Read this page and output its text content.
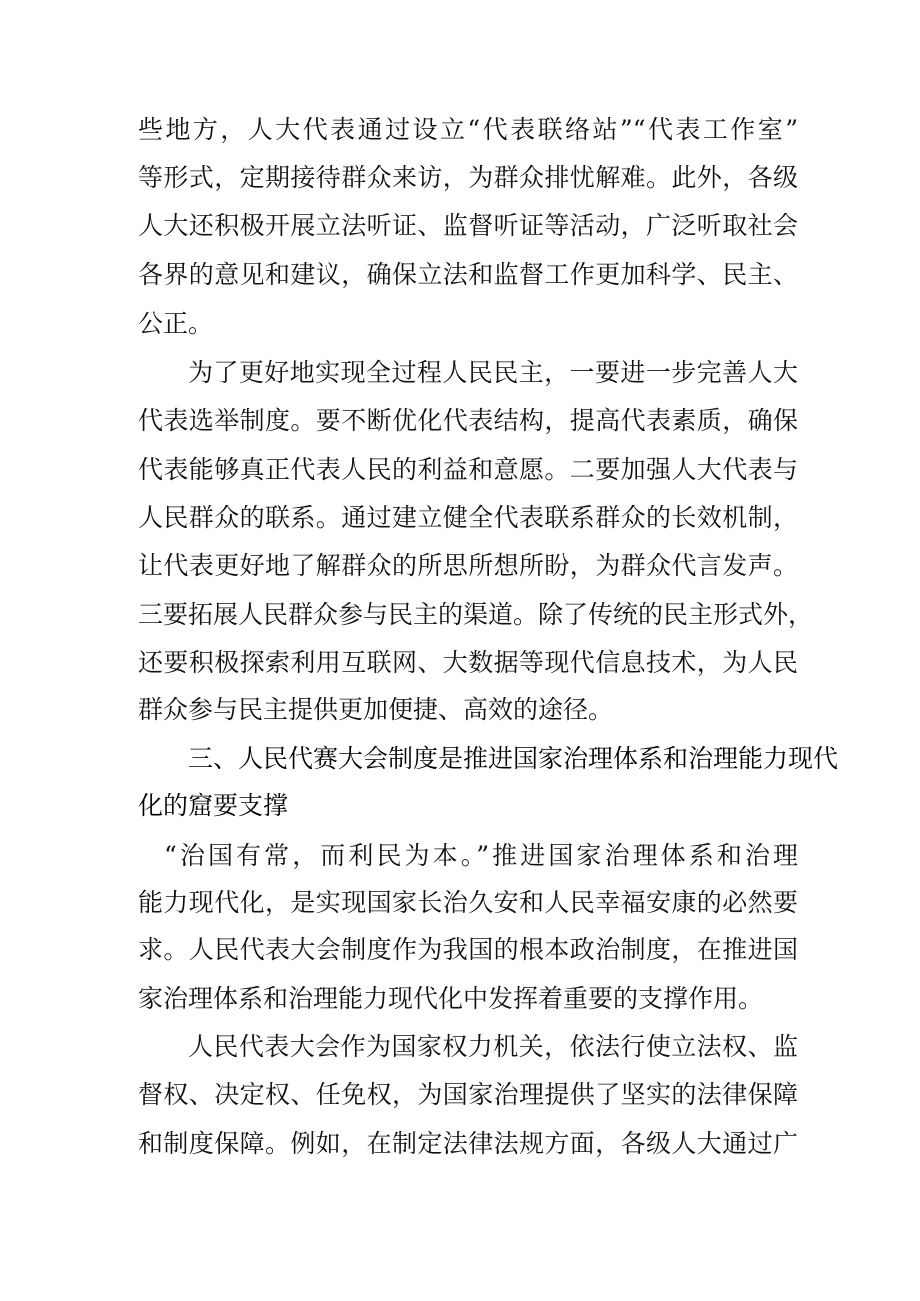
些地方，人大代表通过设立“代表联络站”“代表工作室”
等形式，定期接待群众来访，为群众排忧解难。此外，各级
人大还积极开展立法听证、监督听证等活动，广泛听取社会
各界的意见和建议，确保立法和监督工作更加科学、民主、
公正。
为了更好地实现全过程人民民主，一要进一步完善人大
代表选举制度。要不断优化代表结构，提高代表素质，确保
代表能够真正代表人民的利益和意愿。二要加强人大代表与
人民群众的联系。通过建立健全代表联系群众的长效机制，
让代表更好地了解群众的所思所想所盼，为群众代言发声。
三要拓展人民群众参与民主的渠道。除了传统的民主形式外，
还要积极探索利用互联网、大数据等现代信息技术，为人民
群众参与民主提供更加便捷、高效的途径。
三、人民代赛大会制度是推进国家治理体系和治理能力现代
化的窟要支撑
“治国有常，而利民为本。”推进国家治理体系和治理
能力现代化，是实现国家长治久安和人民幸福安康的必然要
求。人民代表大会制度作为我国的根本政治制度，在推进国
家治理体系和治理能力现代化中发挥着重要的支撑作用。
人民代表大会作为国家权力机关，依法行使立法权、监
督权、决定权、任免权，为国家治理提供了坚实的法律保障
和制度保障。例如，在制定法律法规方面，各级人大通过广
